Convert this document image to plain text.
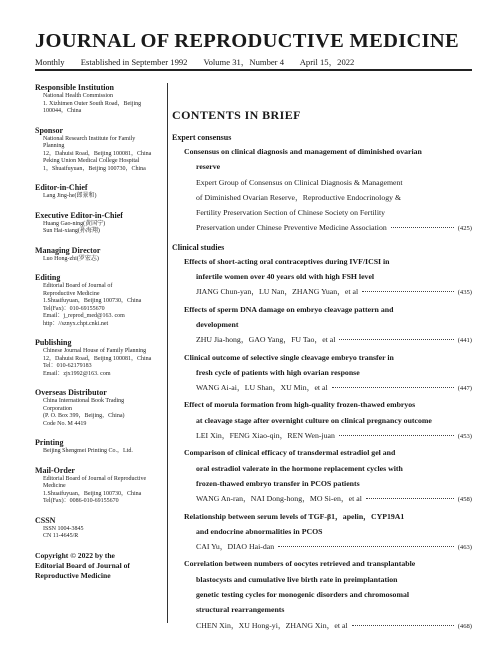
JOURNAL OF REPRODUCTIVE MEDICINE
Monthly Established in September 1992 Volume 31，Number 4 April 15，2022
Responsible Institution
National Health Commission
1. Xizhimen Outer South Road，Beijing
100044，China
Sponsor
National Research Institute for Family
Planning
12，Dahuisi Road，Beijing 100081，China
Peking Union Medical College Hospital
1，Shuaifuyuan，Beijing 100730，China
Editor-in-Chief
Lang Jing-he(郎景和)
Executive Editor-in-Chief
Huang Gao-ning(黄国宁)
Sun Hai-xiang(孙海翔)
Managing Director
Luo Hong-zhi(罗宏志)
Editing
Editorial Board of Journal of
Reproductive Medicine
1.Shuaifuyuan，Beijing 100730，China
Tel(Fax)：010-69155670
Email：j_reprod_med@163. com
http：//sznyx.chpt.cnki.net
Publishing
Chinese Journal House of Family Planning
12，Dahuisi Road，Beijing 100081，China
Tel：010-62179183
Email：zjx1992@163. com
Overseas Distributor
China International Book Trading
Corporation
(P. O. Box 399，Beijing，China)
Code No. M 4419
Printing
Beijing Shengmei Printing Co.，Ltd.
Mail-Order
Editorial Board of Journal of Reproductive
Medicine
1.Shuaifuyuan，Beijing 100730，China
Tel(Fax)：0086-010-69155670
CSSN
ISSN 1004-3845
CN 11-4645/R
Copyright © 2022 by the
Editorial Board of Journal of
Reproductive Medicine
CONTENTS IN BRIEF
Expert consensus
Consensus on clinical diagnosis and management of diminished ovarian
reserve
Expert Group of Consensus on Clinical Diagnosis & Management
of Diminished Ovarian Reserve，Reproductive Endocrinology &
Fertility Preservation Section of Chinese Society on Fertility
Preservation under Chinese Preventive Medicine Association	(425)
Clinical studies
Effects of short-acting oral contraceptives during IVF/ICSI in
infertile women over 40 years old with high FSH level
JIANG Chun-yan，LU Nan，ZHANG Yuan，et al	(435)
Effects of sperm DNA damage on embryo cleavage pattern and
development
ZHU Jia-hong，GAO Yang，FU Tao，et al	(441)
Clinical outcome of selective single cleavage embryo transfer in
fresh cycle of patients with high ovarian response
WANG Ai-ai，LU Shan，XU Min，et al	(447)
Effect of morula formation from high-quality frozen-thawed embryos
at cleavage stage after overnight culture on clinical pregnancy outcome
LEI Xin，FENG Xiao-qin，REN Wen-juan	(453)
Comparison of clinical efficacy of transdermal estradiol gel and
oral estradiol valerate in the hormone replacement cycles with
frozen-thawed embryo transfer in PCOS patients
WANG An-ran，NAI Dong-hong，MO Si-en，et al	(458)
Relationship between serum levels of TGF-β1，apelin，CYP19A1
and endocrine abnormalities in PCOS
CAI Yu，DIAO Hai-dan	(463)
Correlation between numbers of oocytes retrieved and transplantable
blastocysts and cumulative live birth rate in preimplantation
genetic testing cycles for monogenic disorders and chromosomal
structural rearrangements
CHEN Xin，XU Hong-yi，ZHANG Xin，et al	(468)
